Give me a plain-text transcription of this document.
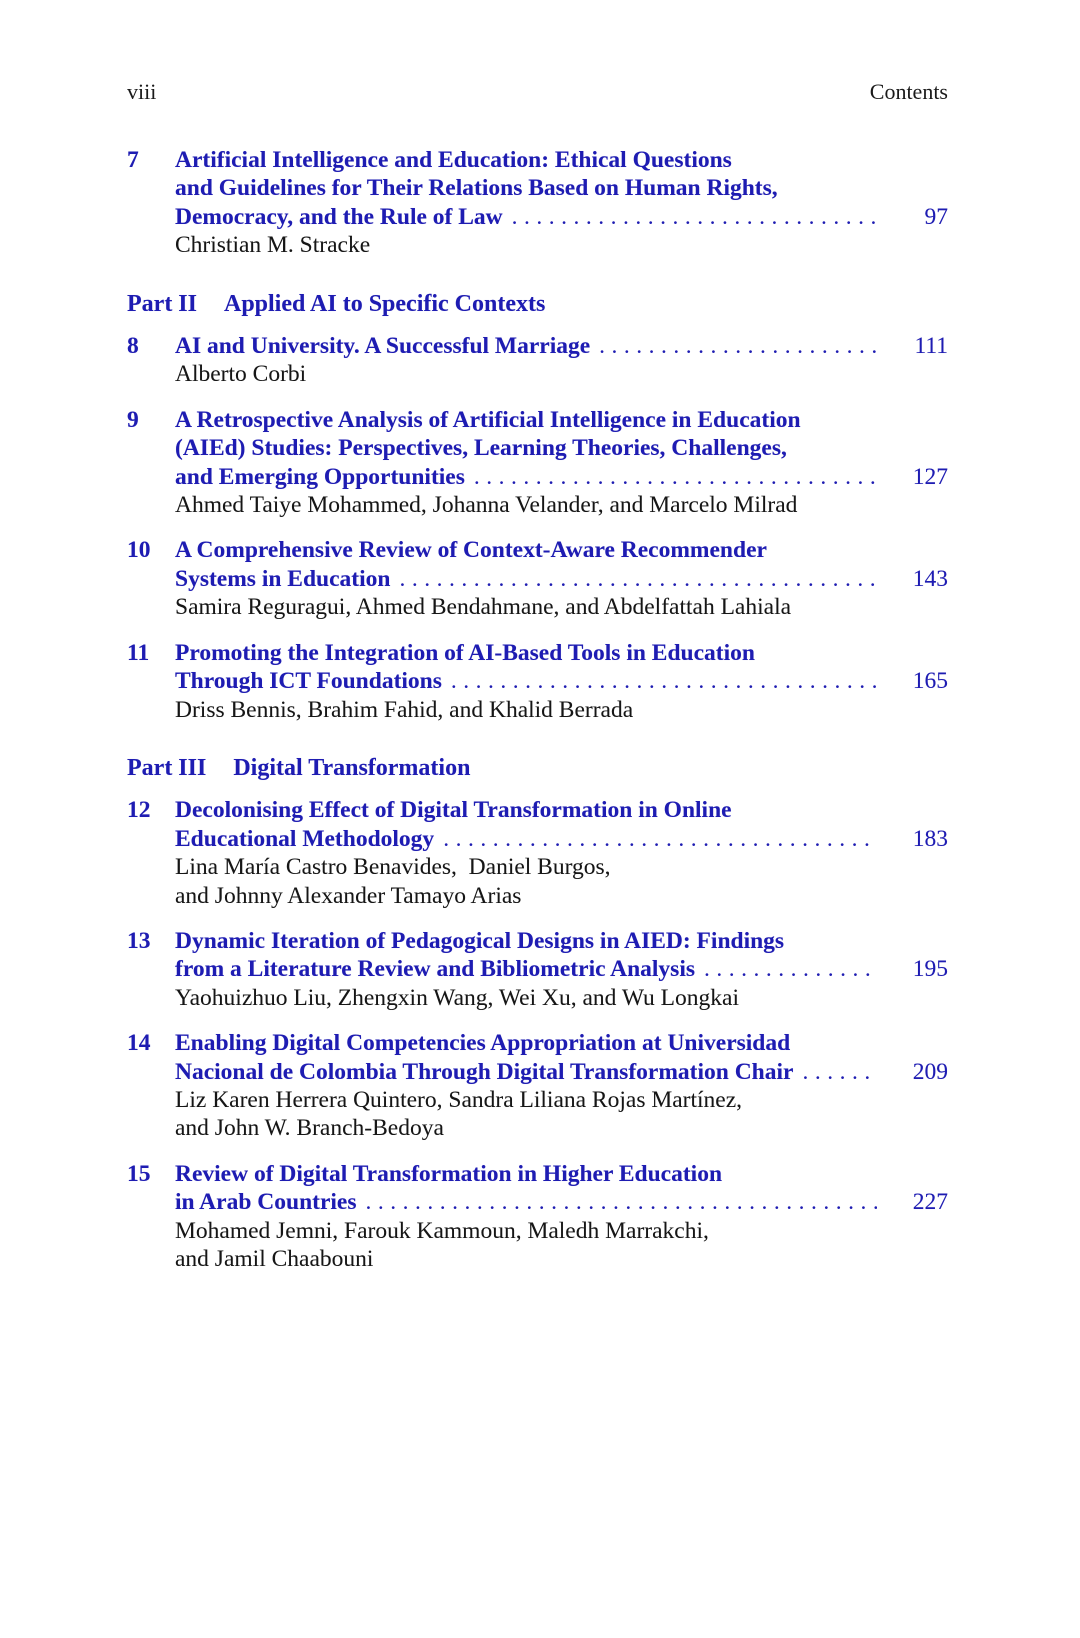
viii	Contents
7	Artificial Intelligence and Education: Ethical Questions
and Guidelines for Their Relations Based on Human Rights,
Democracy, and the Rule of Law .....	97
Christian M. Stracke
Part II Applied AI to Specific Contexts
8	AI and University. A Successful Marriage .....	111
Alberto Corbi
9	A Retrospective Analysis of Artificial Intelligence in Education
(AIEd) Studies: Perspectives, Learning Theories, Challenges,
and Emerging Opportunities .....	127
Ahmed Taiye Mohammed, Johanna Velander, and Marcelo Milrad
10	A Comprehensive Review of Context-Aware Recommender
Systems in Education .....	143
Samira Reguragui, Ahmed Bendahmane, and Abdelfattah Lahiala
11	Promoting the Integration of AI-Based Tools in Education
Through ICT Foundations .....	165
Driss Bennis, Brahim Fahid, and Khalid Berrada
Part III Digital Transformation
12	Decolonising Effect of Digital Transformation in Online
Educational Methodology .....	183
Lina María Castro Benavides,  Daniel Burgos,
and Johnny Alexander Tamayo Arias
13	Dynamic Iteration of Pedagogical Designs in AIED: Findings
from a Literature Review and Bibliometric Analysis .....	195
Yaohuizhuo Liu, Zhengxin Wang, Wei Xu, and Wu Longkai
14	Enabling Digital Competencies Appropriation at Universidad
Nacional de Colombia Through Digital Transformation Chair .....	209
Liz Karen Herrera Quintero, Sandra Liliana Rojas Martínez,
and John W. Branch-Bedoya
15	Review of Digital Transformation in Higher Education
in Arab Countries .....	227
Mohamed Jemni, Farouk Kammoun, Maledh Marrakchi,
and Jamil Chaabouni
